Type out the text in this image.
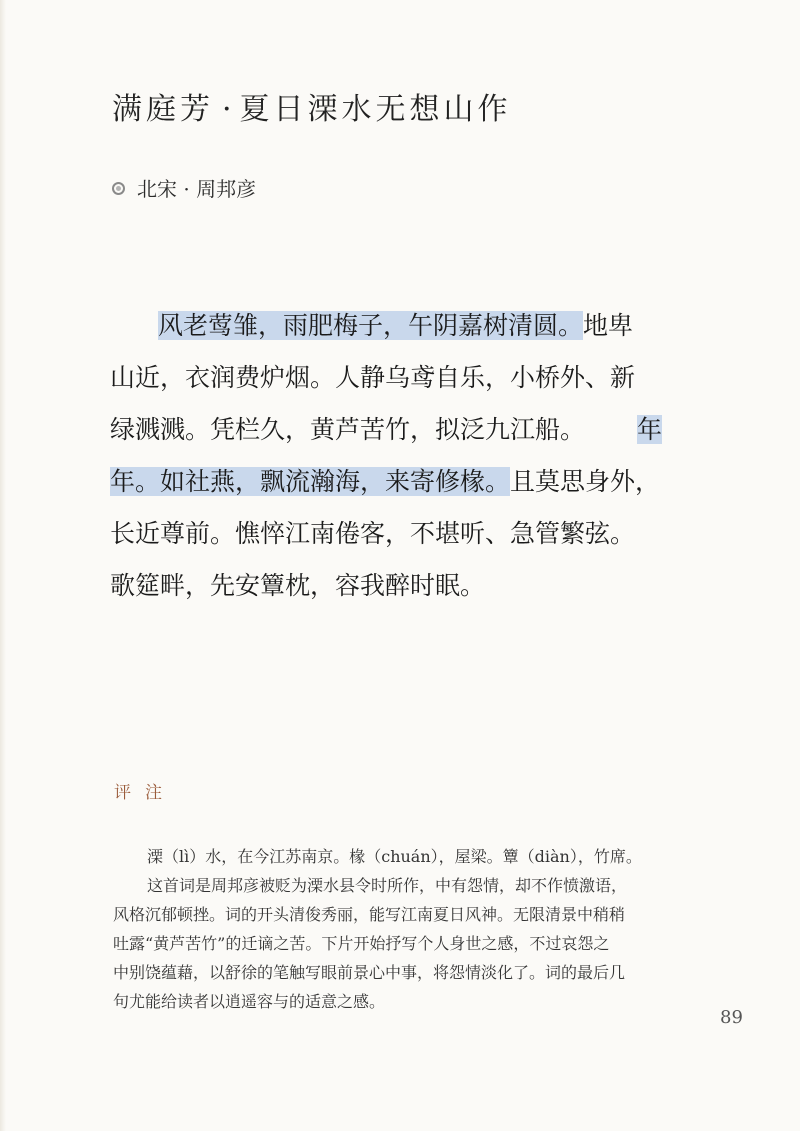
满庭芳 · 夏日溧水无想山作
北宋 · 周邦彦
风老莺雏，雨肥梅子，午阴嘉树清圆。地卑
山近，衣润费炉烟。人静乌鸢自乐，小桥外、新
绿溅溅。凭栏久，黄芦苦竹，拟泛九江船。 年
年。如社燕，飘流瀚海，来寄修椽。且莫思身外，
长近尊前。憔悴江南倦客，不堪听、急管繁弦。
歌筵畔，先安簟枕，容我醉时眠。
评注
溧（lì）水，在今江苏南京。椽（chuán），屋梁。簟（diàn），竹席。
这首词是周邦彦被贬为溧水县令时所作，中有怨情，却不作愤激语，
风格沉郁顿挫。词的开头清俊秀丽，能写江南夏日风神。无限清景中稍稍
吐露“黄芦苦竹”的迁谪之苦。下片开始抒写个人身世之感，不过哀怨之
中别饶蕴藉，以舒徐的笔触写眼前景心中事，将怨情淡化了。词的最后几
句尤能给读者以逍遥容与的适意之感。
89
